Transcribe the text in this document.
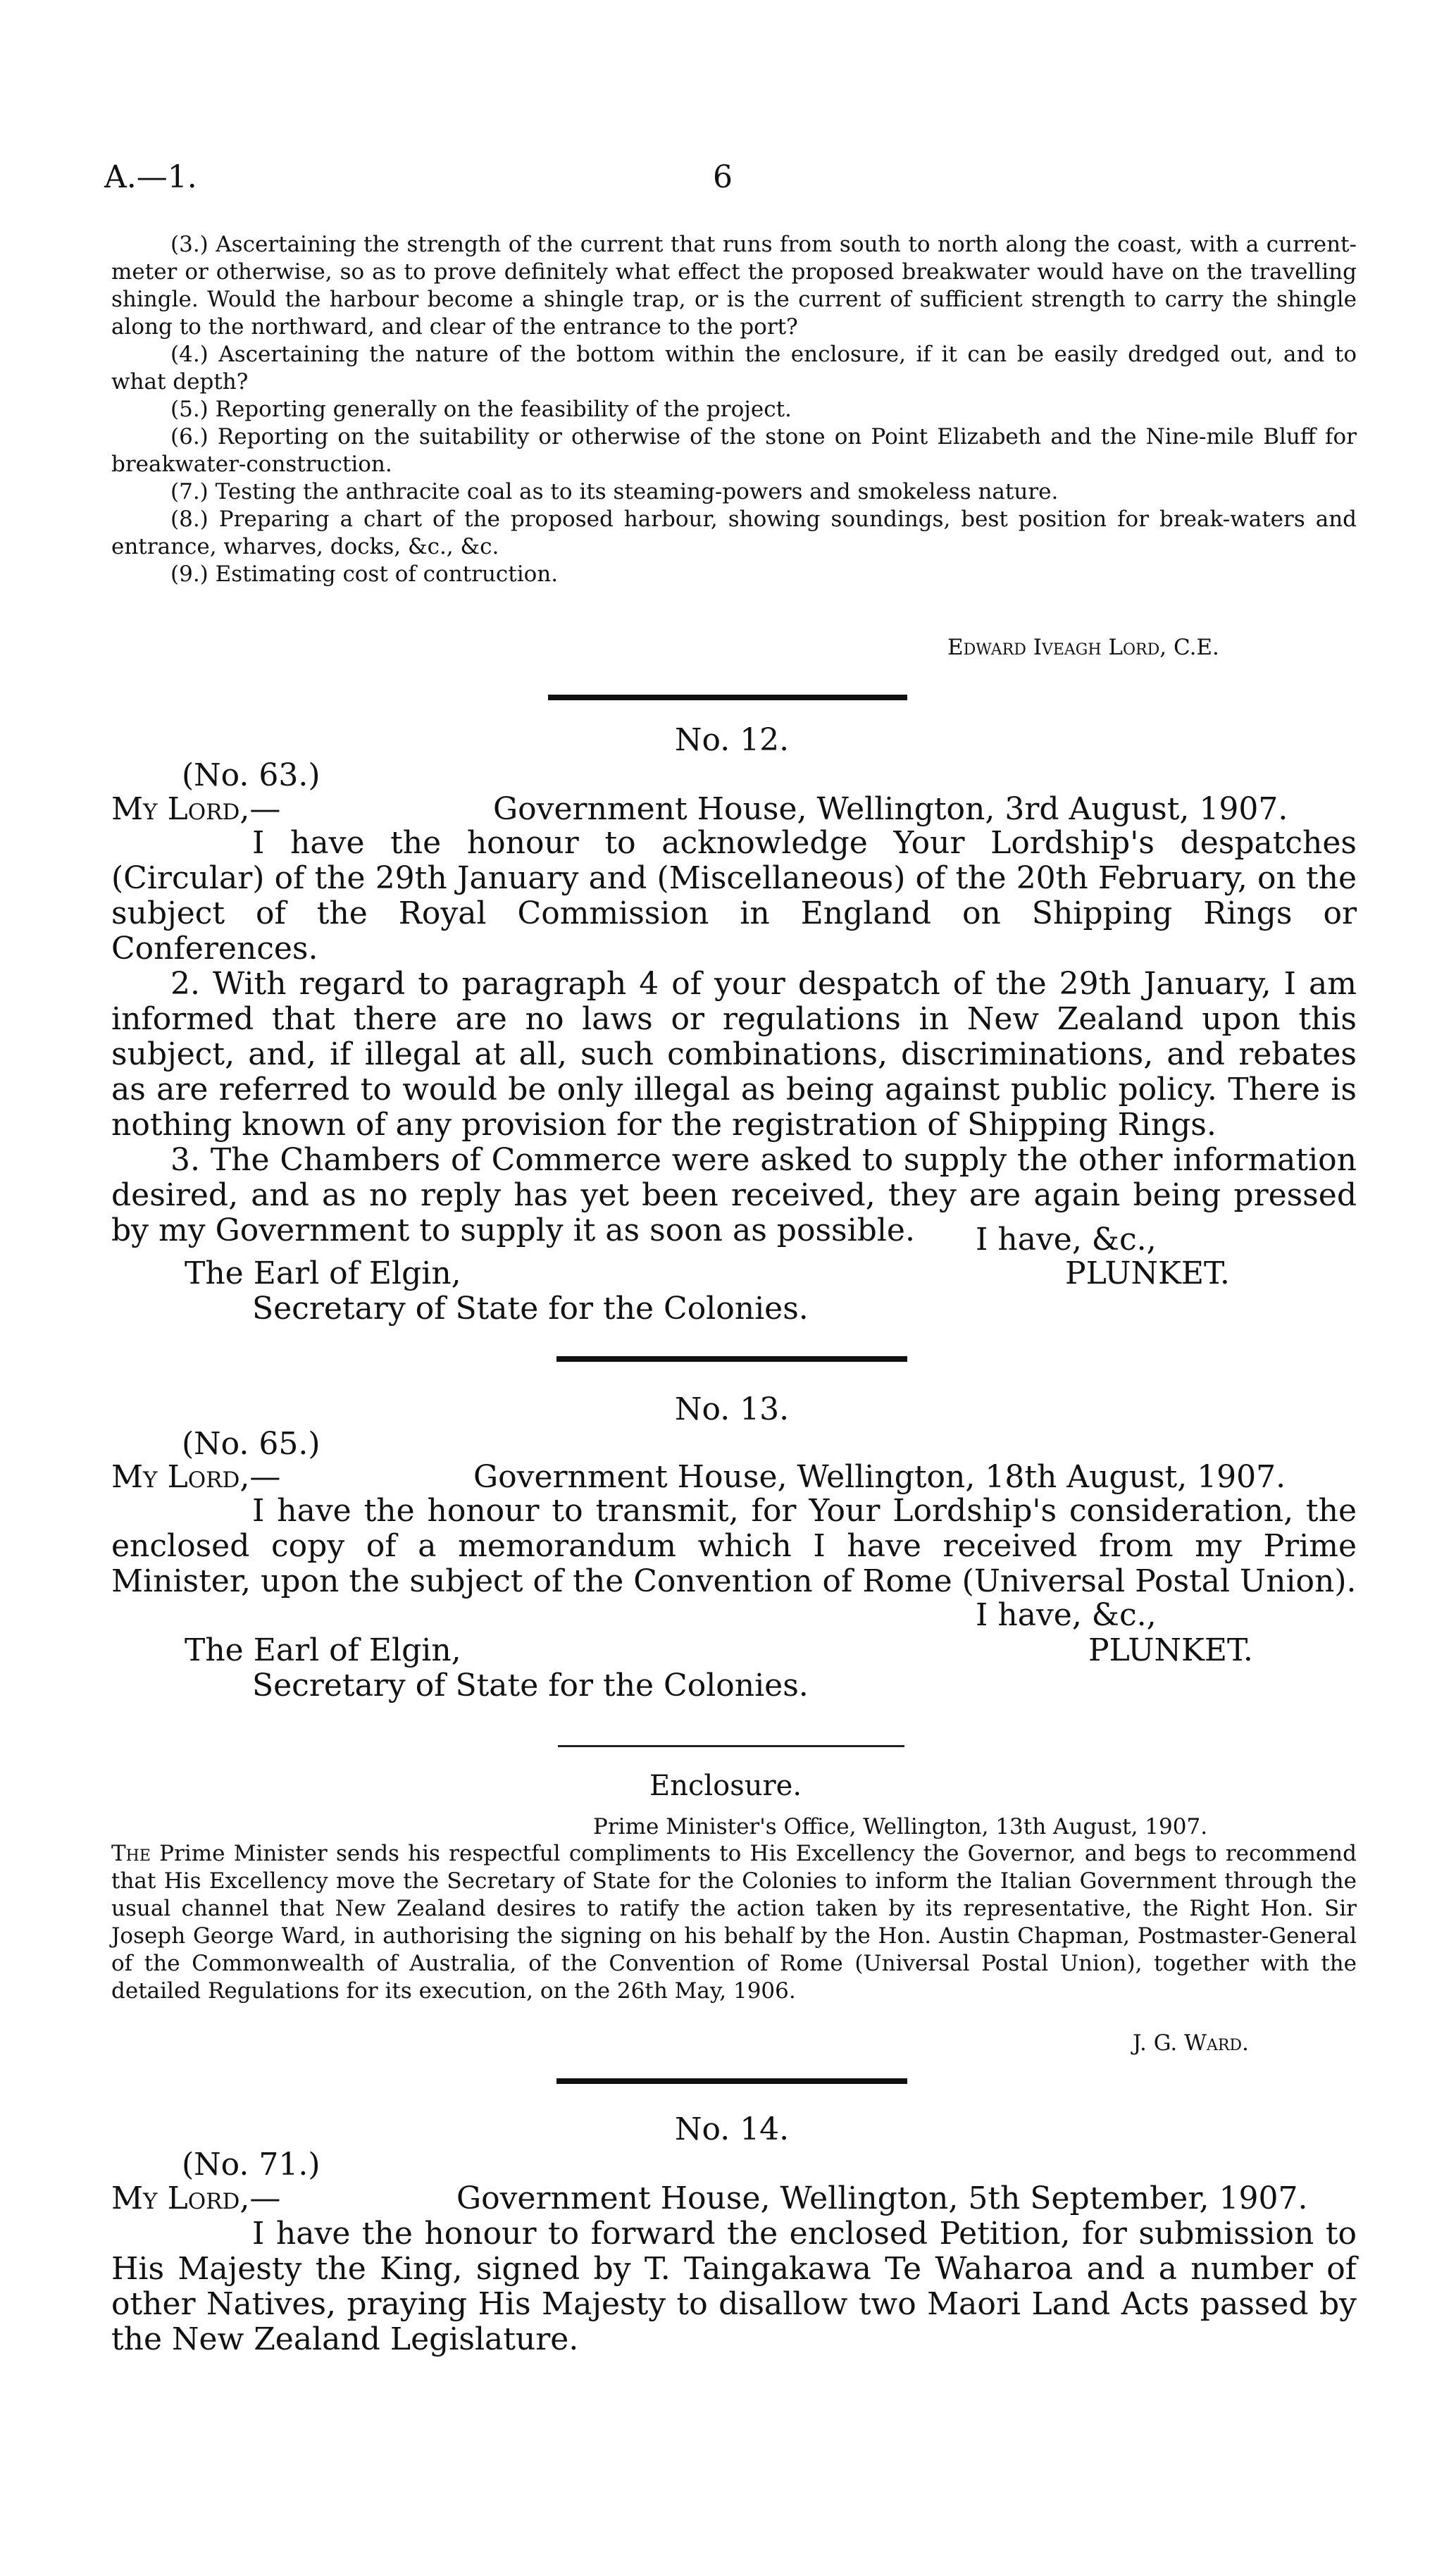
A.—1.	6

(3.) Ascertaining the strength of the current that runs from south to north along the coast, with a current-meter or otherwise, so as to prove definitely what effect the proposed breakwater would have on the travelling shingle. Would the harbour become a shingle trap, or is the current of sufficient strength to carry the shingle along to the northward, and clear of the entrance to the port?

(4.) Ascertaining the nature of the bottom within the enclosure, if it can be easily dredged out, and to what depth?

(5.) Reporting generally on the feasibility of the project.

(6.) Reporting on the suitability or otherwise of the stone on Point Elizabeth and the Nine-mile Bluff for breakwater-construction.

(7.) Testing the anthracite coal as to its steaming-powers and smokeless nature.

(8.) Preparing a chart of the proposed harbour, showing soundings, best position for break-waters and entrance, wharves, docks, &c., &c.

(9.) Estimating cost of contruction.

Edward Iveagh Lord, C.E.
No. 12.
(No. 63.)
My Lord,—	Government House, Wellington, 3rd August, 1907.

I have the honour to acknowledge Your Lordship's despatches (Circular) of the 29th January and (Miscellaneous) of the 20th February, on the subject of the Royal Commission in England on Shipping Rings or Conferences.

2. With regard to paragraph 4 of your despatch of the 29th January, I am informed that there are no laws or regulations in New Zealand upon this subject, and, if illegal at all, such combinations, discriminations, and rebates as are referred to would be only illegal as being against public policy. There is nothing known of any provision for the registration of Shipping Rings.

3. The Chambers of Commerce were asked to supply the other information desired, and as no reply has yet been received, they are again being pressed by my Government to supply it as soon as possible.	I have, &c.,
PLUNKET.
The Earl of Elgin,
Secretary of State for the Colonies.
No. 13.
(No. 65.)
My Lord,—	Government House, Wellington, 18th August, 1907.

I have the honour to transmit, for Your Lordship's consideration, the enclosed copy of a memorandum which I have received from my Prime Minister, upon the subject of the Convention of Rome (Universal Postal Union).

I have, &c.,
PLUNKET.
The Earl of Elgin,
Secretary of State for the Colonies.
Enclosure.
Prime Minister's Office, Wellington, 13th August, 1907.
The Prime Minister sends his respectful compliments to His Excellency the Governor, and begs to recommend that His Excellency move the Secretary of State for the Colonies to inform the Italian Government through the usual channel that New Zealand desires to ratify the action taken by its representative, the Right Hon. Sir Joseph George Ward, in authorising the signing on his behalf by the Hon. Austin Chapman, Postmaster-General of the Commonwealth of Australia, of the Convention of Rome (Universal Postal Union), together with the detailed Regulations for its execution, on the 26th May, 1906.
J. G. Ward.
No. 14.
(No. 71.)
My Lord,—	Government House, Wellington, 5th September, 1907.

I have the honour to forward the enclosed Petition, for submission to His Majesty the King, signed by T. Taingakawa Te Waharoa and a number of other Natives, praying His Majesty to disallow two Maori Land Acts passed by the New Zealand Legislature.
